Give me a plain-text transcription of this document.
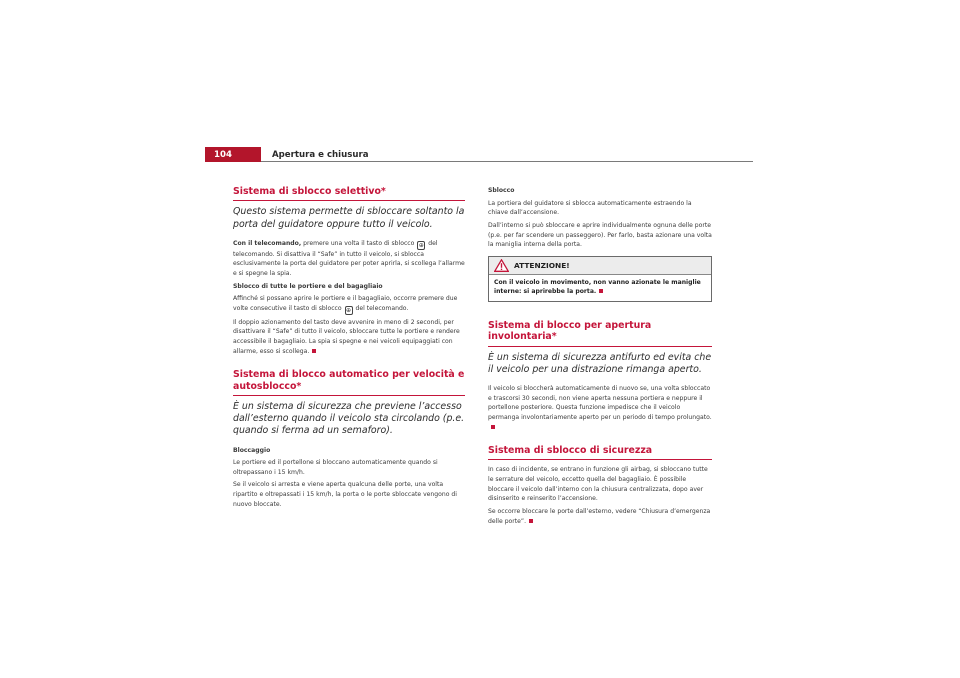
104	Apertura e chiusura
Sistema di sblocco selettivo*
Questo sistema permette di sbloccare soltanto la porta del guidatore oppure tutto il veicolo.

Con il telecomando, premere una volta il tasto di sblocco ⊕ del telecomando. Si disattiva il “Safe” in tutto il veicolo, si sblocca esclusivamente la porta del guidatore per poter aprirla, si scollega l’allarme e si spegne la spia.

Sblocco di tutte le portiere e del bagagliaio

Affinché si possano aprire le portiere e il bagagliaio, occorre premere due volte consecutive il tasto di sblocco ⊕ del telecomando.

Il doppio azionamento del tasto deve avvenire in meno di 2 secondi, per disattivare il “Safe” di tutto il veicolo, sbloccare tutte le portiere e rendere accessibile il bagagliaio. La spia si spegne e nei veicoli equipaggiati con allarme, esso si scollega.

Sistema di blocco automatico per velocità e autosblocco*
È un sistema di sicurezza che previene l’accesso dall’esterno quando il veicolo sta circolando (p.e. quando si ferma ad un semaforo).

Bloccaggio

Le portiere ed il portellone si bloccano automaticamente quando si oltrepassano i 15 km/h.

Se il veicolo si arresta e viene aperta qualcuna delle porte, una volta ripartito e oltrepassati i 15 km/h, la porta o le porte sbloccate vengono di nuovo bloccate.

Sblocco

La portiera del guidatore si sblocca automaticamente estraendo la chiave dall’accensione.

Dall’interno si può sbloccare e aprire individualmente ognuna delle porte (p.e. per far scendere un passeggero). Per farlo, basta azionare una volta la maniglia interna della porta.

ATTENZIONE!

Con il veicolo in movimento, non vanno azionate le maniglie interne: si aprirebbe la porta.

Sistema di blocco per apertura involontaria*
È un sistema di sicurezza antifurto ed evita che il veicolo per una distrazione rimanga aperto.

Il veicolo si bloccherà automaticamente di nuovo se, una volta sbloccato e trascorsi 30 secondi, non viene aperta nessuna portiera e neppure il portellone posteriore. Questa funzione impedisce che il veicolo permanga involontariamente aperto per un periodo di tempo prolungato.

Sistema di sblocco di sicurezza

In caso di incidente, se entrano in funzione gli airbag, si sbloccano tutte le serrature del veicolo, eccetto quella del bagagliaio. È possibile bloccare il veicolo dall’interno con la chiusura centralizzata, dopo aver disinserito e reinserito l’accensione.

Se occorre bloccare le porte dall’esterno, vedere “Chiusura d’emergenza delle porte”.
